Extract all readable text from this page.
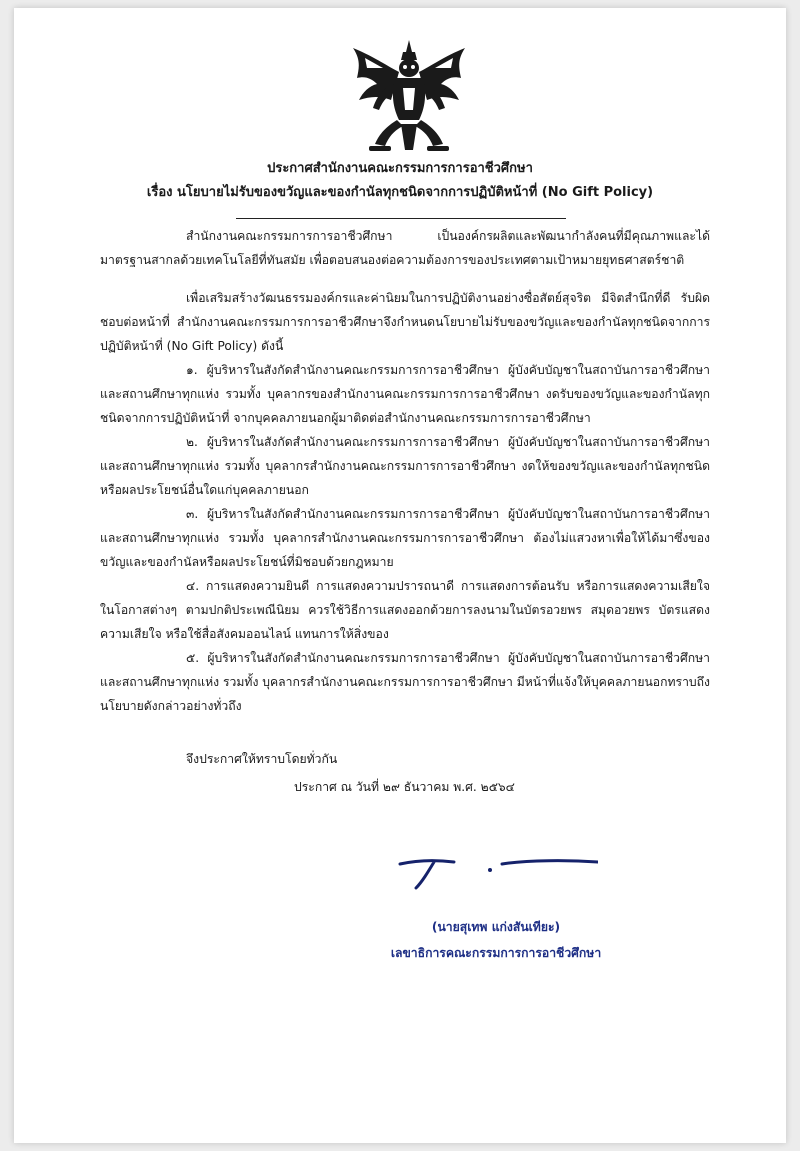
ประกาศสำนักงานคณะกรรมการการอาชีวศึกษา
เรื่อง นโยบายไม่รับของขวัญและของกำนัลทุกชนิดจากการปฏิบัติหน้าที่ (No Gift Policy)

สำนักงานคณะกรรมการการอาชีวศึกษา เป็นองค์กรผลิตและพัฒนากำลังคนที่มีคุณภาพและได้มาตรฐานสากลด้วยเทคโนโลยีที่ทันสมัย เพื่อตอบสนองต่อความต้องการของประเทศตามเป้าหมายยุทธศาสตร์ชาติ

เพื่อเสริมสร้างวัฒนธรรมองค์กรและค่านิยมในการปฏิบัติงานอย่างซื่อสัตย์สุจริต มีจิตสำนึกที่ดี รับผิดชอบต่อหน้าที่ สำนักงานคณะกรรมการการอาชีวศึกษาจึงกำหนดนโยบายไม่รับของขวัญและของกำนัลทุกชนิดจากการปฏิบัติหน้าที่ (No Gift Policy) ดังนี้

๑. ผู้บริหารในสังกัดสำนักงานคณะกรรมการการอาชีวศึกษา ผู้บังคับบัญชาในสถาบันการอาชีวศึกษาและสถานศึกษาทุกแห่ง รวมทั้ง บุคลากรของสำนักงานคณะกรรมการการอาชีวศึกษา งดรับของขวัญและของกำนัลทุกชนิดจากการปฏิบัติหน้าที่ จากบุคคลภายนอกผู้มาติดต่อสำนักงานคณะกรรมการการอาชีวศึกษา

๒. ผู้บริหารในสังกัดสำนักงานคณะกรรมการการอาชีวศึกษา ผู้บังคับบัญชาในสถาบันการอาชีวศึกษาและสถานศึกษาทุกแห่ง รวมทั้ง บุคลากรสำนักงานคณะกรรมการการอาชีวศึกษา งดให้ของขวัญและของกำนัลทุกชนิดหรือผลประโยชน์อื่นใดแก่บุคคลภายนอก

๓. ผู้บริหารในสังกัดสำนักงานคณะกรรมการการอาชีวศึกษา ผู้บังคับบัญชาในสถาบันการอาชีวศึกษาและสถานศึกษาทุกแห่ง รวมทั้ง บุคลากรสำนักงานคณะกรรมการการอาชีวศึกษา ต้องไม่แสวงหาเพื่อให้ได้มาซึ่งของขวัญและของกำนัลหรือผลประโยชน์ที่มิชอบด้วยกฎหมาย

๔. การแสดงความยินดี การแสดงความปรารถนาดี การแสดงการต้อนรับ หรือการแสดงความเสียใจในโอกาสต่างๆ ตามปกติประเพณีนิยม ควรใช้วิธีการแสดงออกด้วยการลงนามในบัตรอวยพร สมุดอวยพร บัตรแสดงความเสียใจ หรือใช้สื่อสังคมออนไลน์ แทนการให้สิ่งของ

๕. ผู้บริหารในสังกัดสำนักงานคณะกรรมการการอาชีวศึกษา ผู้บังคับบัญชาในสถาบันการอาชีวศึกษาและสถานศึกษาทุกแห่ง รวมทั้ง บุคลากรสำนักงานคณะกรรมการการอาชีวศึกษา มีหน้าที่แจ้งให้บุคคลภายนอกทราบถึงนโยบายดังกล่าวอย่างทั่วถึง

จึงประกาศให้ทราบโดยทั่วกัน
ประกาศ ณ วันที่ ๒๙ ธันวาคม พ.ศ. ๒๕๖๔
(นายสุเทพ แก่งสันเทียะ)
เลขาธิการคณะกรรมการการอาชีวศึกษา
